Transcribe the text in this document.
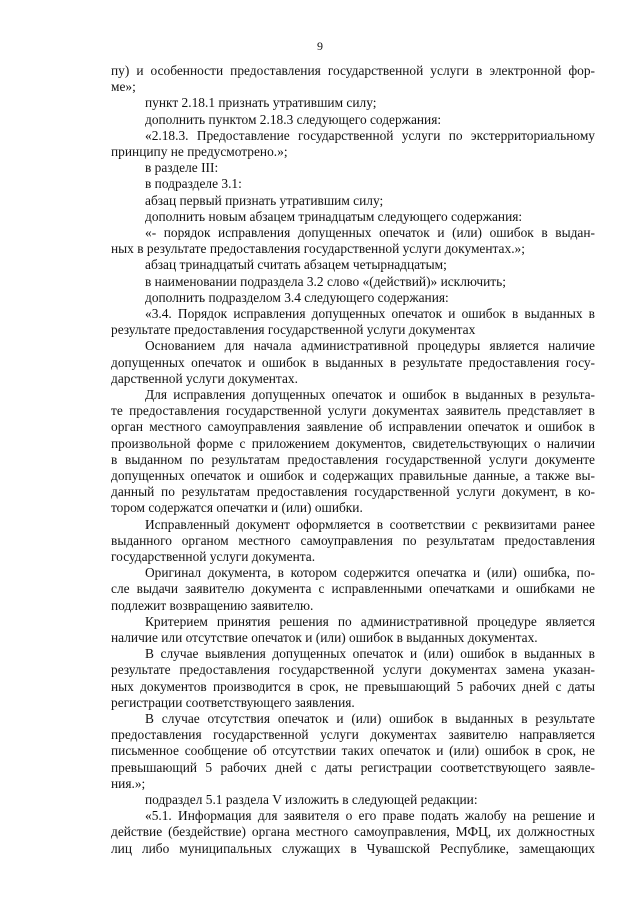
9
пу) и особенности предоставления государственной услуги в электронной фор-
ме»;
пункт 2.18.1 признать утратившим силу;
дополнить пунктом 2.18.3 следующего содержания:
«2.18.3. Предоставление государственной услуги по экстерриториальному
принципу не предусмотрено.»;
в разделе III:
в подразделе 3.1:
абзац первый признать утратившим силу;
дополнить новым абзацем тринадцатым следующего содержания:
«- порядок исправления допущенных опечаток и (или) ошибок в выдан-
ных в результате предоставления государственной услуги документах.»;
абзац тринадцатый считать абзацем четырнадцатым;
в наименовании подраздела 3.2 слово «(действий)» исключить;
дополнить подразделом 3.4 следующего содержания:
«3.4. Порядок исправления допущенных опечаток и ошибок в выданных в
результате предоставления государственной услуги документах
Основанием для начала административной процедуры является наличие
допущенных опечаток и ошибок в выданных в результате предоставления госу-
дарственной услуги документах.
Для исправления допущенных опечаток и ошибок в выданных в результа-
те предоставления государственной услуги документах заявитель представляет в
орган местного самоуправления заявление об исправлении опечаток и ошибок в
произвольной форме с приложением документов, свидетельствующих о наличии
в выданном по результатам предоставления государственной услуги документе
допущенных опечаток и ошибок и содержащих правильные данные, а также вы-
данный по результатам предоставления государственной услуги документ, в ко-
тором содержатся опечатки и (или) ошибки.
Исправленный документ оформляется в соответствии с реквизитами ранее
выданного органом местного самоуправления по результатам предоставления
государственной услуги документа.
Оригинал документа, в котором содержится опечатка и (или) ошибка, по-
сле выдачи заявителю документа с исправленными опечатками и ошибками не
подлежит возвращению заявителю.
Критерием принятия решения по административной процедуре является
наличие или отсутствие опечаток и (или) ошибок в выданных документах.
В случае выявления допущенных опечаток и (или) ошибок в выданных в
результате предоставления государственной услуги документах замена указан-
ных документов производится в срок, не превышающий 5 рабочих дней с даты
регистрации соответствующего заявления.
В случае отсутствия опечаток и (или) ошибок в выданных в результате
предоставления государственной услуги документах заявителю направляется
письменное сообщение об отсутствии таких опечаток и (или) ошибок в срок, не
превышающий 5 рабочих дней с даты регистрации соответствующего заявле-
ния.»;
подраздел 5.1 раздела V изложить в следующей редакции:
«5.1. Информация для заявителя о его праве подать жалобу на решение и
действие (бездействие) органа местного самоуправления, МФЦ, их должностных
лиц либо муниципальных служащих в Чувашской Республике, замещающих
